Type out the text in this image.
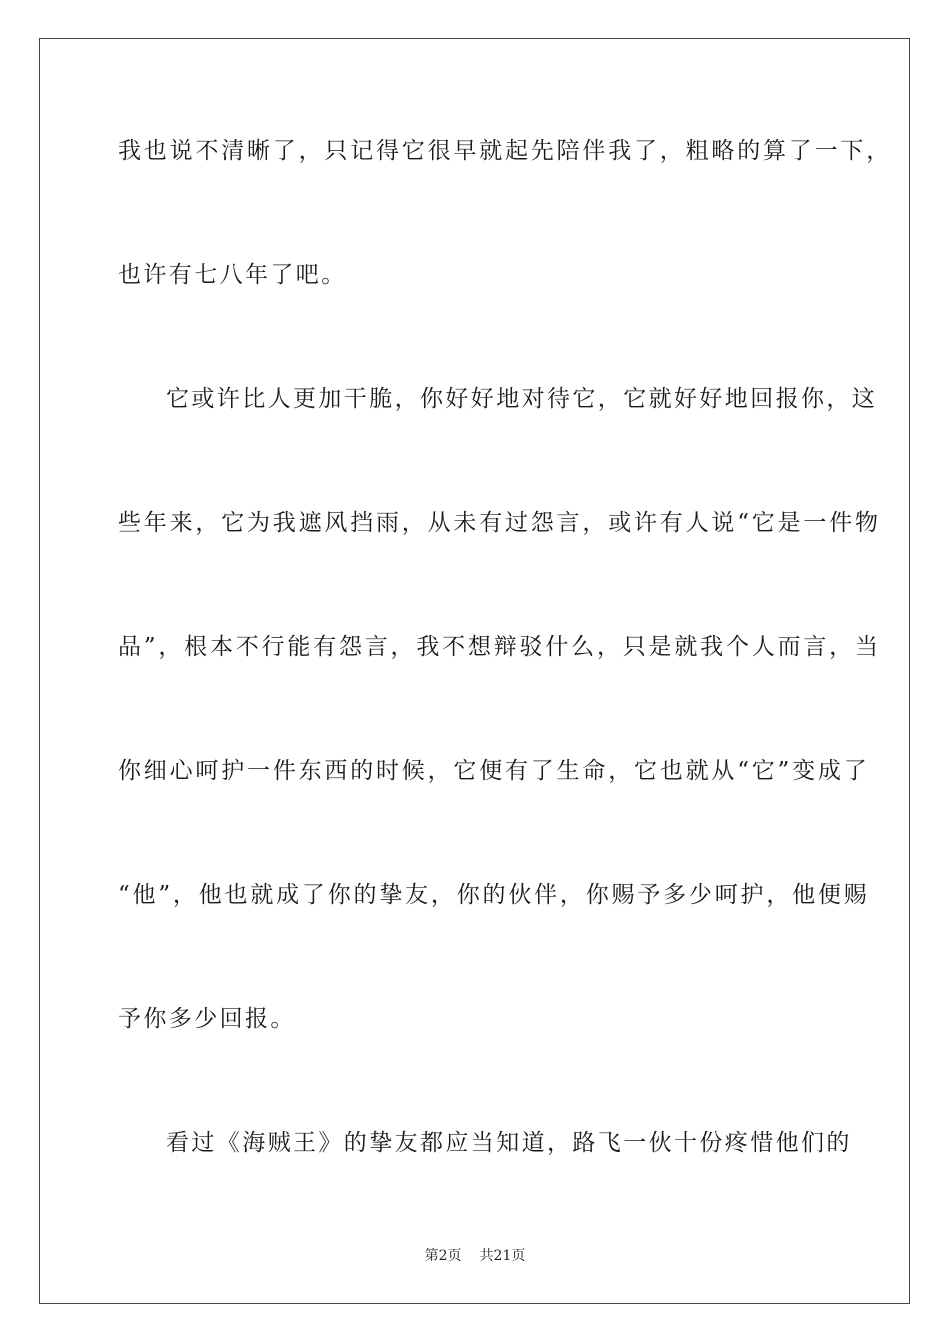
我也说不清晰了，只记得它很早就起先陪伴我了，粗略的算了一下，
也许有七八年了吧。
它或许比人更加干脆，你好好地对待它，它就好好地回报你，这
些年来，它为我遮风挡雨，从未有过怨言，或许有人说“它是一件物
品”，根本不行能有怨言，我不想辩驳什么，只是就我个人而言，当
你细心呵护一件东西的时候，它便有了生命，它也就从“它”变成了
“他”，他也就成了你的挚友，你的伙伴，你赐予多少呵护，他便赐
予你多少回报。
看过《海贼王》的挚友都应当知道，路飞一伙十份疼惜他们的
第2页 共21页
